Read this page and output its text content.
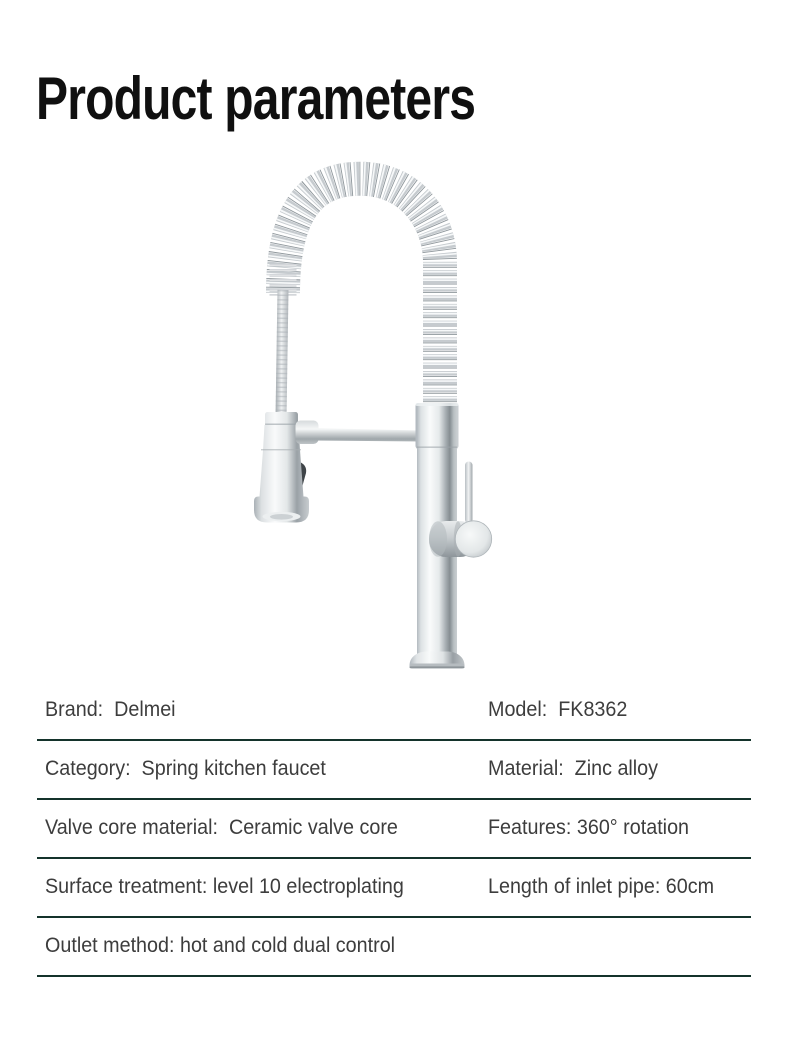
Product parameters
Brand:  Delmei	Model:  FK8362
Category:  Spring kitchen faucet	Material:  Zinc alloy
Valve core material:  Ceramic valve core	Features: 360° rotation
Surface treatment: level 10 electroplating	Length of inlet pipe: 60cm
Outlet method: hot and cold dual control
